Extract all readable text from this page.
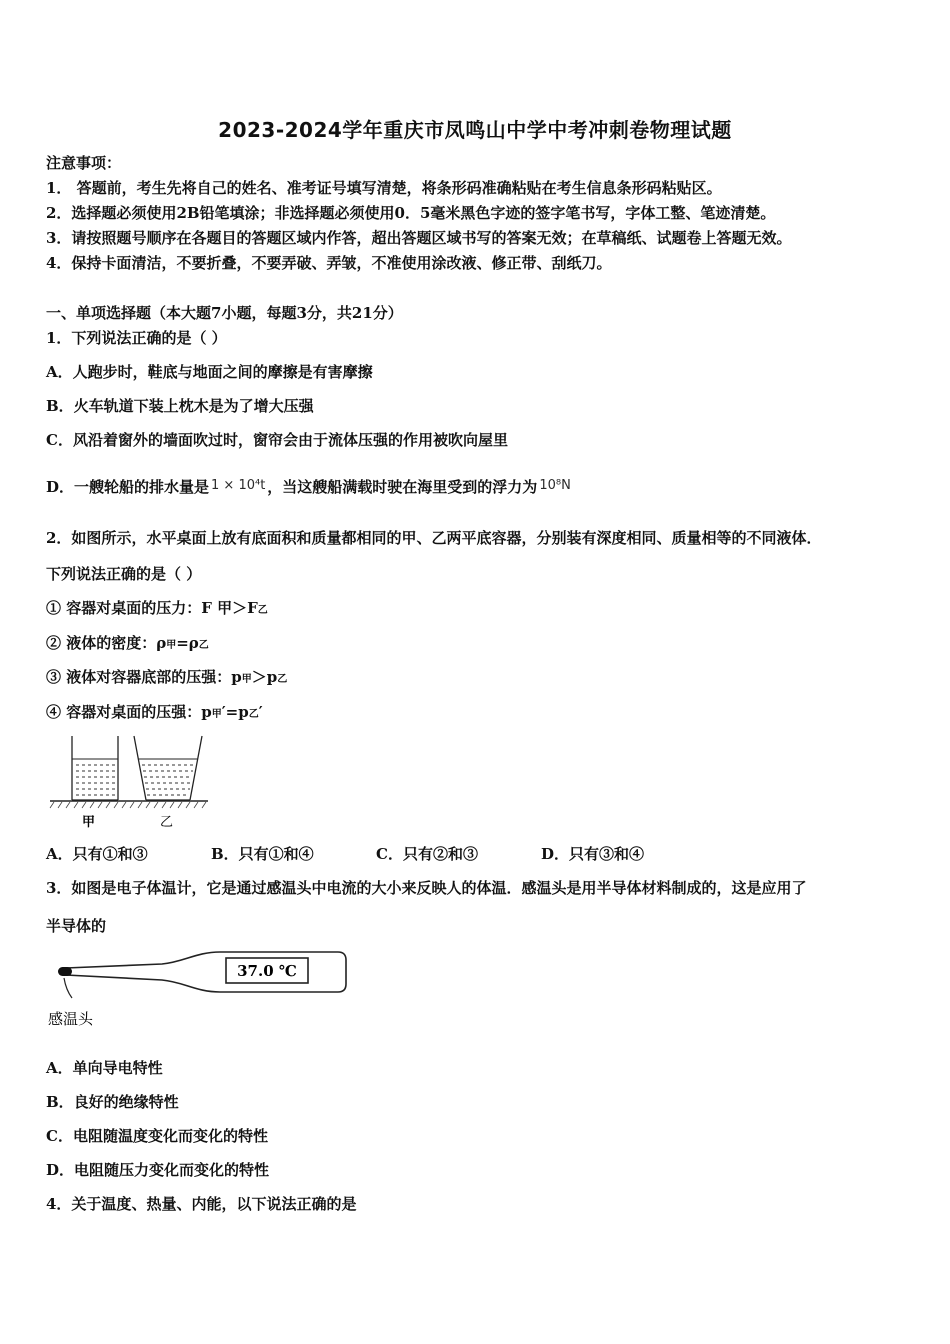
2023-2024学年重庆市凤鸣山中学中考冲刺卷物理试题
注意事项：
1． 答题前，考生先将自己的姓名、准考证号填写清楚，将条形码准确粘贴在考生信息条形码粘贴区。
2．选择题必须使用2B铅笔填涂；非选择题必须使用0．5毫米黑色字迹的签字笔书写，字体工整、笔迹清楚。
3．请按照题号顺序在各题目的答题区域内作答，超出答题区域书写的答案无效；在草稿纸、试题卷上答题无效。
4．保持卡面清洁，不要折叠，不要弄破、弄皱，不准使用涂改液、修正带、刮纸刀。
一、单项选择题（本大题7小题，每题3分，共21分）
1．下列说法正确的是（ ）
A．人跑步时，鞋底与地面之间的摩擦是有害摩擦
B．火车轨道下装上枕木是为了增大压强
C．风沿着窗外的墙面吹过时，窗帘会由于流体压强的作用被吹向屋里
D．一艘轮船的排水量是 1 × 10⁴t ，当这艘船满载时驶在海里受到的浮力为 10⁸N
2．如图所示，水平桌面上放有底面积和质量都相同的甲、乙两平底容器，分别装有深度相同、质量相等的不同液体．
下列说法正确的是（ ）
① 容器对桌面的压力：F 甲＞F乙
② 液体的密度：ρ甲=ρ乙
③ 液体对容器底部的压强：p甲＞p乙
④ 容器对桌面的压强：p甲′=p乙′
甲	乙
A．只有①和③	B．只有①和④	C．只有②和③	D．只有③和④
3．如图是电子体温计，它是通过感温头中电流的大小来反映人的体温．感温头是用半导体材料制成的，这是应用了
半导体的
37.0 ℃
感温头
A．单向导电特性
B．良好的绝缘特性
C．电阻随温度变化而变化的特性
D．电阻随压力变化而变化的特性
4．关于温度、热量、内能，以下说法正确的是
